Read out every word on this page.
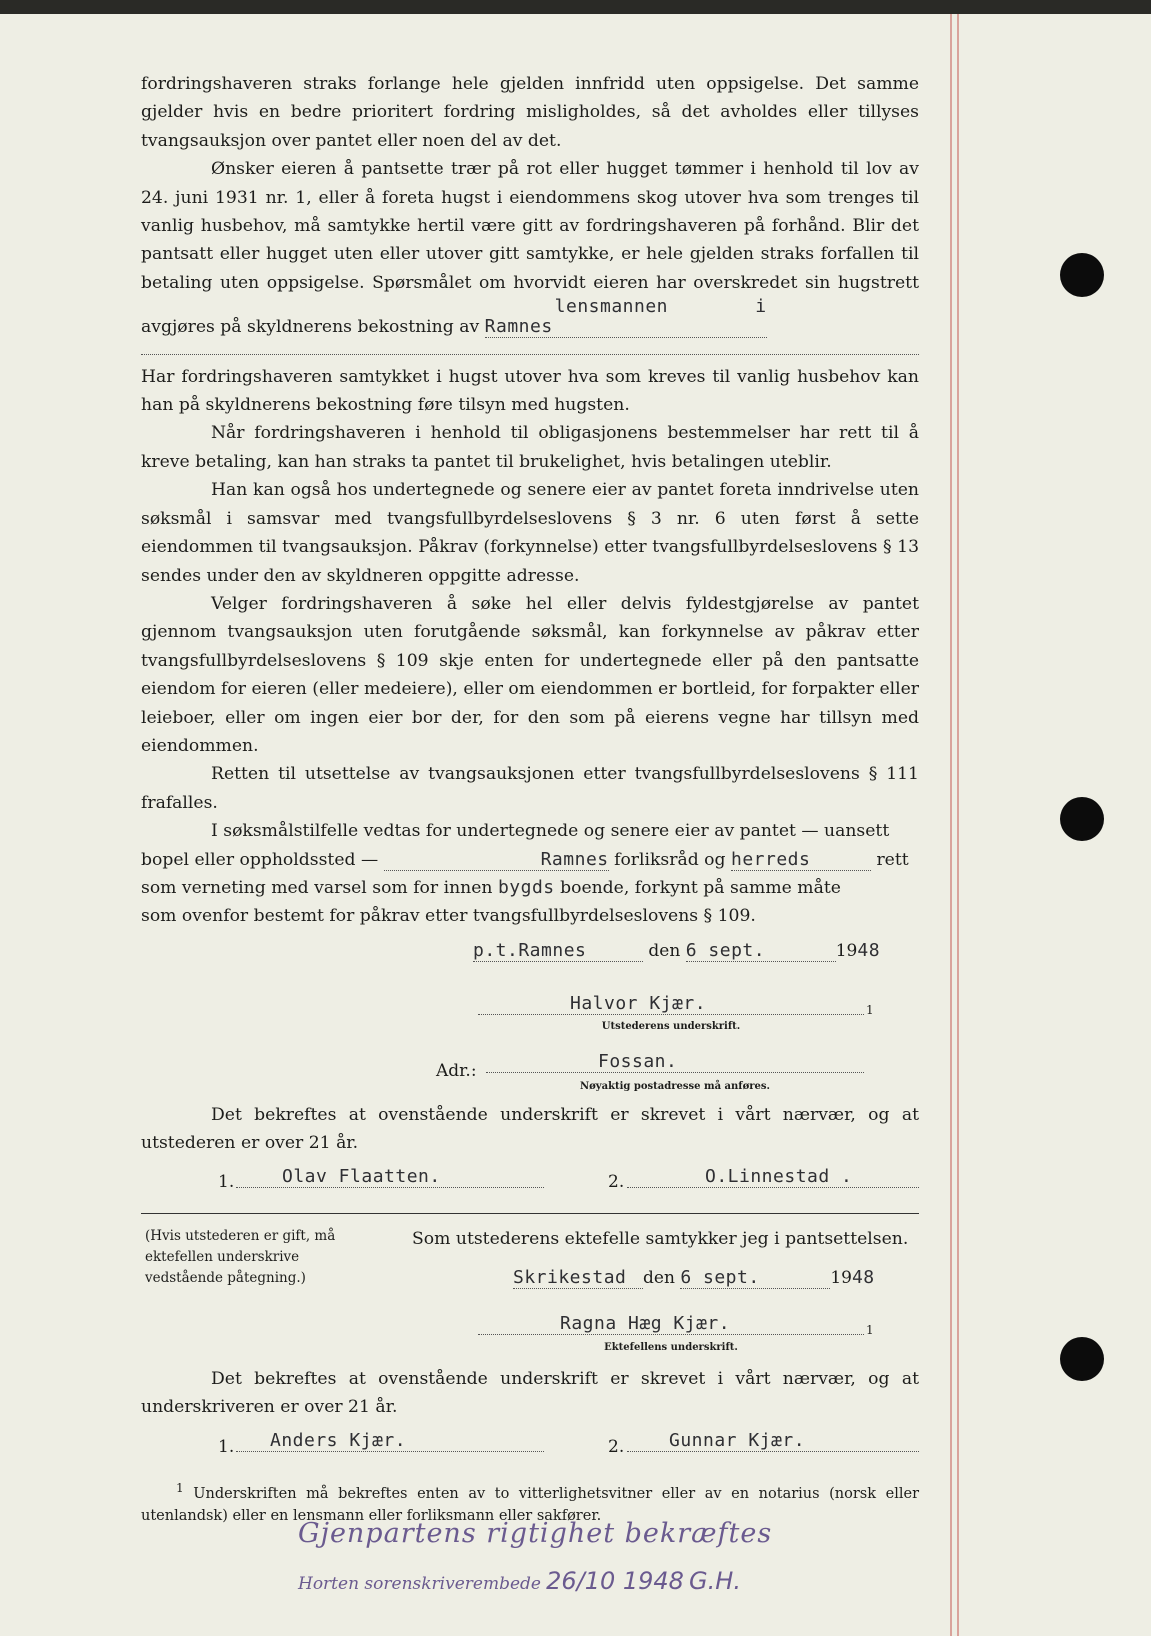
fordringshaveren straks forlange hele gjelden innfridd uten oppsigelse. Det samme gjelder hvis en bedre prioritert fordring misligholdes, så det avholdes eller tillyses tvangsauksjon over pantet eller noen del av det.

Ønsker eieren å pantsette trær på rot eller hugget tømmer i henhold til lov av 24. juni 1931 nr. 1, eller å foreta hugst i eiendommens skog utover hva som trenges til vanlig husbehov, må samtykke hertil være gitt av fordringshaveren på forhånd. Blir det pantsatt eller hugget uten eller utover gitt samtykke, er hele gjelden straks forfallen til betaling uten oppsigelse. Spørsmålet om hvorvidt eieren har overskredet sin hugstrett avgjøres på skyldnerens bekostning av lensmannen i Ramnes

Har fordringshaveren samtykket i hugst utover hva som kreves til vanlig husbehov kan han på skyldnerens bekostning føre tilsyn med hugsten.

Når fordringshaveren i henhold til obligasjonens bestemmelser har rett til å kreve betaling, kan han straks ta pantet til brukelighet, hvis betalingen uteblir.

Han kan også hos undertegnede og senere eier av pantet foreta inndrivelse uten søksmål i samsvar med tvangsfullbyrdelseslovens § 3 nr. 6 uten først å sette eiendommen til tvangsauksjon. Påkrav (forkynnelse) etter tvangsfullbyrdelseslovens § 13 sendes under den av skyldneren oppgitte adresse.

Velger fordringshaveren å søke hel eller delvis fyldestgjørelse av pantet gjennom tvangsauksjon uten forutgående søksmål, kan forkynnelse av påkrav etter tvangsfullbyrdelseslovens § 109 skje enten for undertegnede eller på den pantsatte eiendom for eieren (eller medeiere), eller om eiendommen er bortleid, for forpakter eller leieboer, eller om ingen eier bor der, for den som på eierens vegne har tillsyn med eiendommen.

Retten til utsettelse av tvangsauksjonen etter tvangsfullbyrdelseslovens § 111 frafalles.

I søksmålstilfelle vedtas for undertegnede og senere eier av pantet — uansett

bopel eller oppholdssted —	Ramnes forliksråd og herreds	rett

som verneting med varsel som for innen bygds boende, forkynt på samme måte

som ovenfor bestemt for påkrav etter tvangsfullbyrdelseslovens § 109.

p.t.Ramnes	den 6 sept.	1948
Halvor Kjær.	1
Utstederens underskrift.
Adr.:	Fossan.
Nøyaktig postadresse må anføres.
Det bekreftes at ovenstående underskrift er skrevet i vårt nærvær, og at utstederen er over 21 år.
1.	Olav Flaatten.	2.	O.Linnestad .
(Hvis utstederen er gift, må ektefellen underskrive vedstående påtegning.)
Som utstederens ektefelle samtykker jeg i pantsettelsen.
Skrikestad den 6 sept.	1948
Ragna Hæg Kjær.	1
Ektefellens underskrift.
Det bekreftes at ovenstående underskrift er skrevet i vårt nærvær, og at underskriveren er over 21 år.
1.	Anders Kjær.	2.	Gunnar Kjær.
$^1$ Underskriften må bekreftes enten av to vitterlighetsvitner eller av en notarius (norsk eller utenlandsk) eller en lensmann eller forliksmann eller sakfører.
Gjenpartens rigtighet bekræftes
Horten sorenskriverembede 26/10 1948 G.H.
